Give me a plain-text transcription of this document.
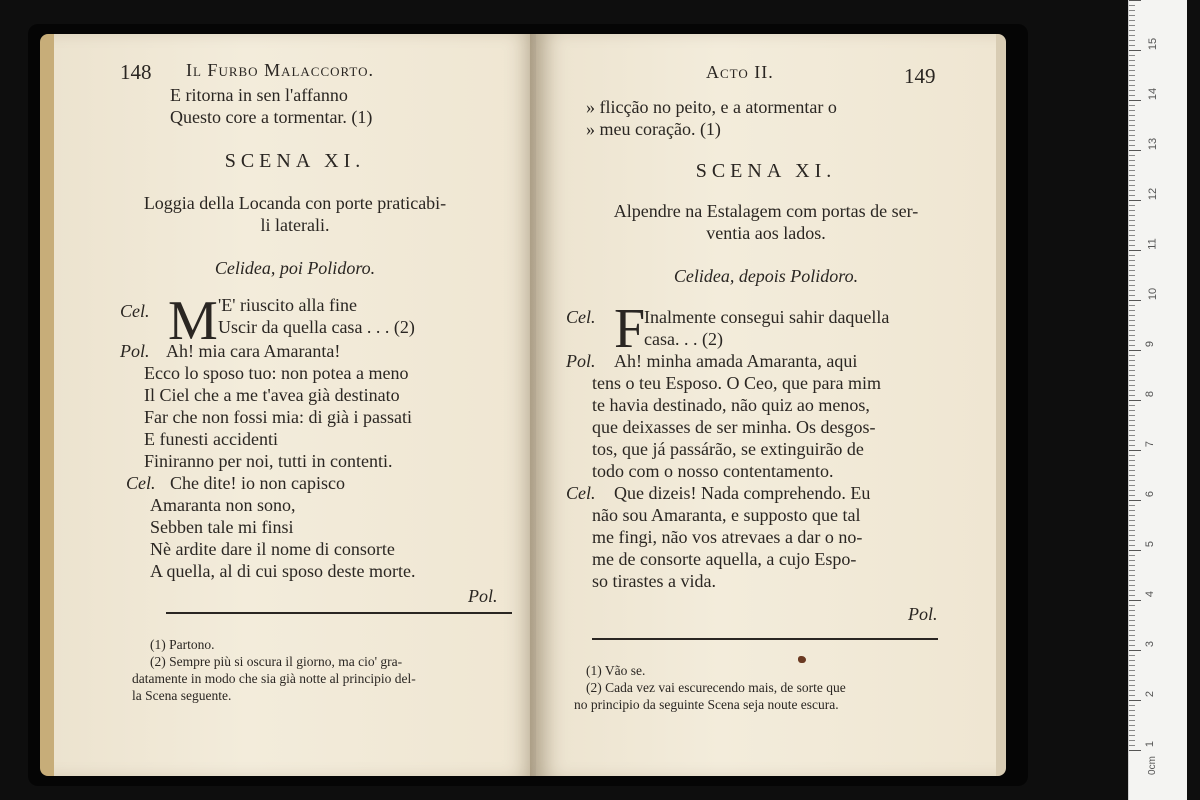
148 Il Furbo Malaccorto.
E ritorna in sen l'affanno
Questo core a tormentar. (1)
SCENA XI.
Loggia della Locanda con porte praticabi-
li laterali.
Celidea, poi Polidoro.
Cel. M 'E' riuscito alla fine
Uscir da quella casa . . . (2)
Pol. Ah! mia cara Amaranta!
Ecco lo sposo tuo: non potea a meno
Il Ciel che a me t'avea già destinato
Far che non fossi mia: di già i passati
E funesti accidenti
Finiranno per noi, tutti in contenti.
Cel. Che dite! io non capisco
Amaranta non sono,
Sebben tale mi finsi
Nè ardite dare il nome di consorte
A quella, al di cui sposo deste morte.
Pol.
(1) Partono.
(2) Sempre più si oscura il giorno, ma cio' gra-
datamente in modo che sia già notte al principio del-
la Scena seguente.
Acto II.	149
» flicção no peito, e a atormentar o
» meu coração. (1)
SCENA XI.
Alpendre na Estalagem com portas de ser-
ventia aos lados.
Celidea, depois Polidoro.
Cel. F
Inalmente consegui sahir daquella
casa. . . (2)
Pol. Ah! minha amada Amaranta, aqui
tens o teu Esposo. O Ceo, que para mim
te havia destinado, não quiz ao menos,
que deixasses de ser minha. Os desgos-
tos, que já passárão, se extinguirão de
todo com o nosso contentamento.
Cel. Que dizeis! Nada comprehendo. Eu
não sou Amaranta, e supposto que tal
me fingi, não vos atrevaes a dar o no-
me de consorte aquella, a cujo Espo-
so tirastes a vida.
Pol.
(1) Vão se.
(2) Cada vez vai escurecendo mais, de sorte que
no principio da seguinte Scena seja noute escura.
0cm
1
2
3
4
5
6
7
8
9
10
11
12
13
14
15
